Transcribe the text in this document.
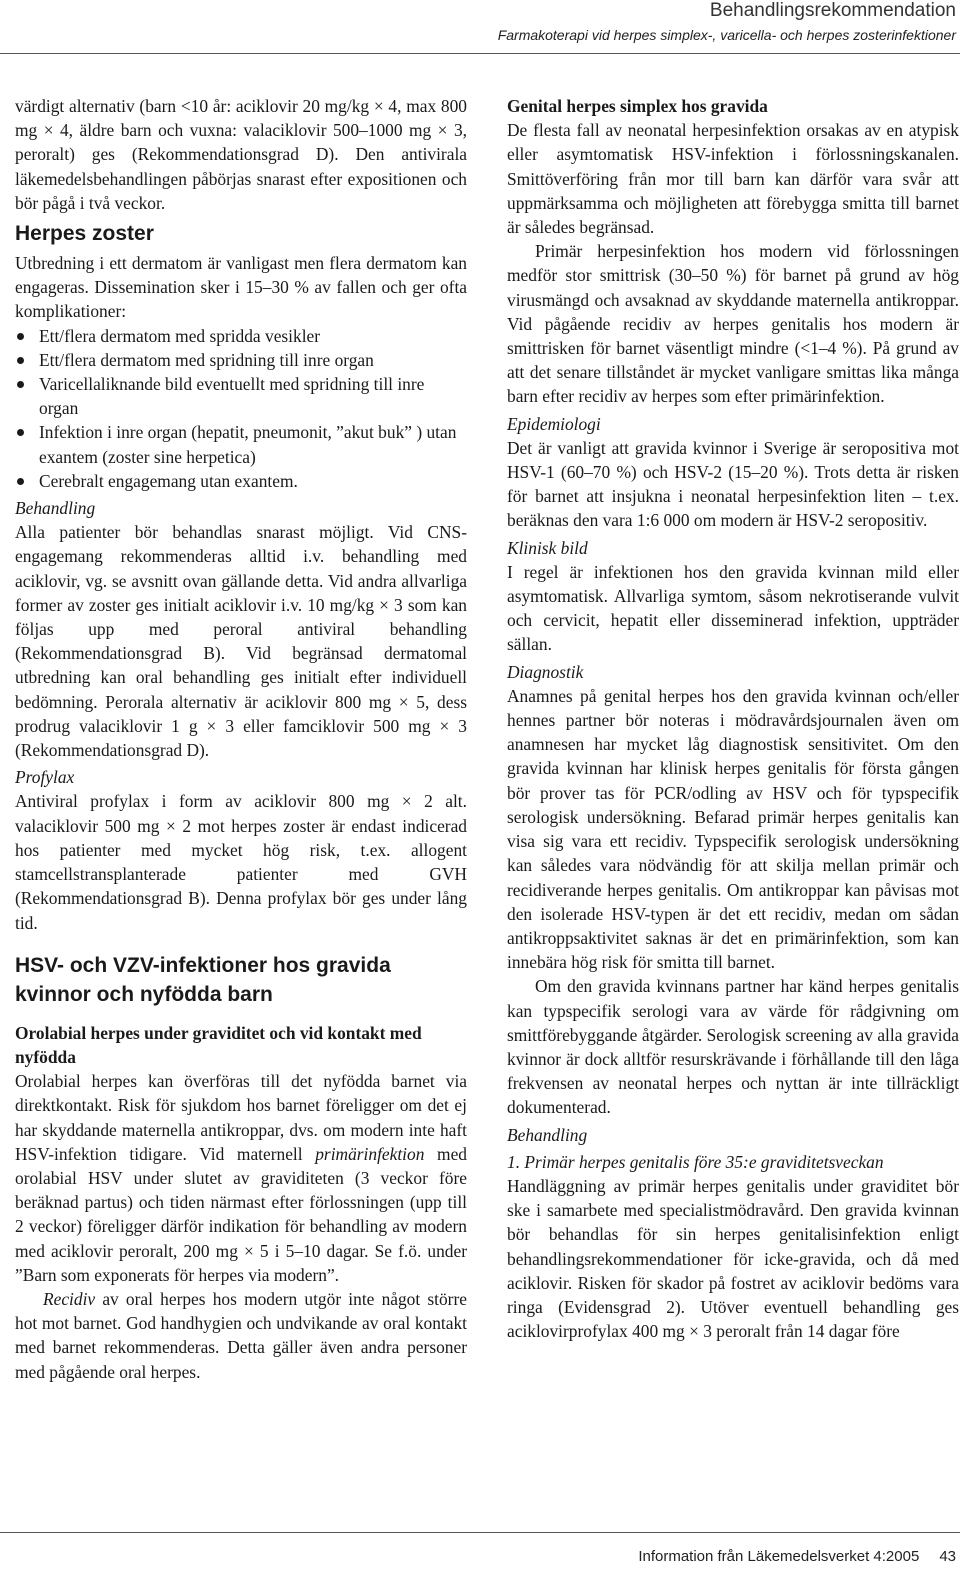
Behandlingsrekommendation
Farmakoterapi vid herpes simplex-, varicella- och herpes zosterinfektioner

värdigt alternativ (barn <10 år: aciklovir 20 mg/kg × 4, max 800 mg × 4, äldre barn och vuxna: valaciklovir 500–1000 mg × 3, peroralt) ges (Rekommendationsgrad D). Den antivirala läkemedelsbehandlingen påbörjas snarast efter expositionen och bör pågå i två veckor.

Herpes zoster

Utbredning i ett dermatom är vanligast men flera dermatom kan engageras. Dissemination sker i 15–30 % av fallen och ger ofta komplikationer:

Ett/flera dermatom med spridda vesikler
Ett/flera dermatom med spridning till inre organ
Varicellaliknande bild eventuellt med spridning till inre organ
Infektion i inre organ (hepatit, pneumonit, ”akut buk” ) utan exantem (zoster sine herpetica)
Cerebralt engagemang utan exantem.
Behandling

Alla patienter bör behandlas snarast möjligt. Vid CNS-engagemang rekommenderas alltid i.v. behandling med aciklovir, vg. se avsnitt ovan gällande detta. Vid andra allvarliga former av zoster ges initialt aciklovir i.v. 10 mg/kg × 3 som kan följas upp med peroral antiviral behandling (Rekommendationsgrad B). Vid begränsad dermatomal utbredning kan oral behandling ges initialt efter individuell bedömning. Perorala alternativ är aciklovir 800 mg × 5, dess prodrug valaciklovir 1 g × 3 eller famciklovir 500 mg × 3 (Rekommendationsgrad D).

Profylax

Antiviral profylax i form av aciklovir 800 mg × 2 alt. valaciklovir 500 mg × 2 mot herpes zoster är endast indicerad hos patienter med mycket hög risk, t.ex. allogent stamcellstransplanterade patienter med GVH (Rekommendationsgrad B). Denna profylax bör ges under lång tid.

HSV- och VZV-infektioner hos gravida kvinnor och nyfödda barn
Orolabial herpes under graviditet och vid kontakt med nyfödda

Orolabial herpes kan överföras till det nyfödda barnet via direktkontakt. Risk för sjukdom hos barnet föreligger om det ej har skyddande maternella antikroppar, dvs. om modern inte haft HSV-infektion tidigare. Vid maternell primärinfektion med orolabial HSV under slutet av graviditeten (3 veckor före beräknad partus) och tiden närmast efter förlossningen (upp till 2 veckor) föreligger därför indikation för behandling av modern med aciklovir peroralt, 200 mg × 5 i 5–10 dagar. Se f.ö. under ”Barn som exponerats för herpes via modern”.

Recidiv av oral herpes hos modern utgör inte något större hot mot barnet. God handhygien och undvikande av oral kontakt med barnet rekommenderas. Detta gäller även andra personer med pågående oral herpes.

Genital herpes simplex hos gravida

De flesta fall av neonatal herpesinfektion orsakas av en atypisk eller asymtomatisk HSV-infektion i förlossningskanalen. Smittöverföring från mor till barn kan därför vara svår att uppmärksamma och möjligheten att förebygga smitta till barnet är således begränsad.

Primär herpesinfektion hos modern vid förlossningen medför stor smittrisk (30–50 %) för barnet på grund av hög virusmängd och avsaknad av skyddande maternella antikroppar. Vid pågående recidiv av herpes genitalis hos modern är smittrisken för barnet väsentligt mindre (<1–4 %). På grund av att det senare tillståndet är mycket vanligare smittas lika många barn efter recidiv av herpes som efter primärinfektion.

Epidemiologi

Det är vanligt att gravida kvinnor i Sverige är seropositiva mot HSV-1 (60–70 %) och HSV-2 (15–20 %). Trots detta är risken för barnet att insjukna i neonatal herpesinfektion liten – t.ex. beräknas den vara 1:6 000 om modern är HSV-2 seropositiv.

Klinisk bild

I regel är infektionen hos den gravida kvinnan mild eller asymtomatisk. Allvarliga symtom, såsom nekrotiserande vulvit och cervicit, hepatit eller disseminerad infektion, uppträder sällan.

Diagnostik

Anamnes på genital herpes hos den gravida kvinnan och/eller hennes partner bör noteras i mödravårdsjournalen även om anamnesen har mycket låg diagnostisk sensitivitet. Om den gravida kvinnan har klinisk herpes genitalis för första gången bör prover tas för PCR/odling av HSV och för typspecifik serologisk undersökning. Befarad primär herpes genitalis kan visa sig vara ett recidiv. Typspecifik serologisk undersökning kan således vara nödvändig för att skilja mellan primär och recidiverande herpes genitalis. Om antikroppar kan påvisas mot den isolerade HSV-typen är det ett recidiv, medan om sådan antikroppsaktivitet saknas är det en primärinfektion, som kan innebära hög risk för smitta till barnet.

Om den gravida kvinnans partner har känd herpes genitalis kan typspecifik serologi vara av värde för rådgivning om smittförebyggande åtgärder. Serologisk screening av alla gravida kvinnor är dock alltför resurskrävande i förhållande till den låga frekvensen av neonatal herpes och nyttan är inte tillräckligt dokumenterad.

Behandling
1. Primär herpes genitalis före 35:e graviditetsveckan

Handläggning av primär herpes genitalis under graviditet bör ske i samarbete med specialistmödravård. Den gravida kvinnan bör behandlas för sin herpes genitalisinfektion enligt behandlingsrekommendationer för icke-gravida, och då med aciklovir. Risken för skador på fostret av aciklovir bedöms vara ringa (Evidensgrad 2). Utöver eventuell behandling ges aciklovirprofylax 400 mg × 3 peroralt från 14 dagar före

Information från Läkemedelsverket 4:2005 43
